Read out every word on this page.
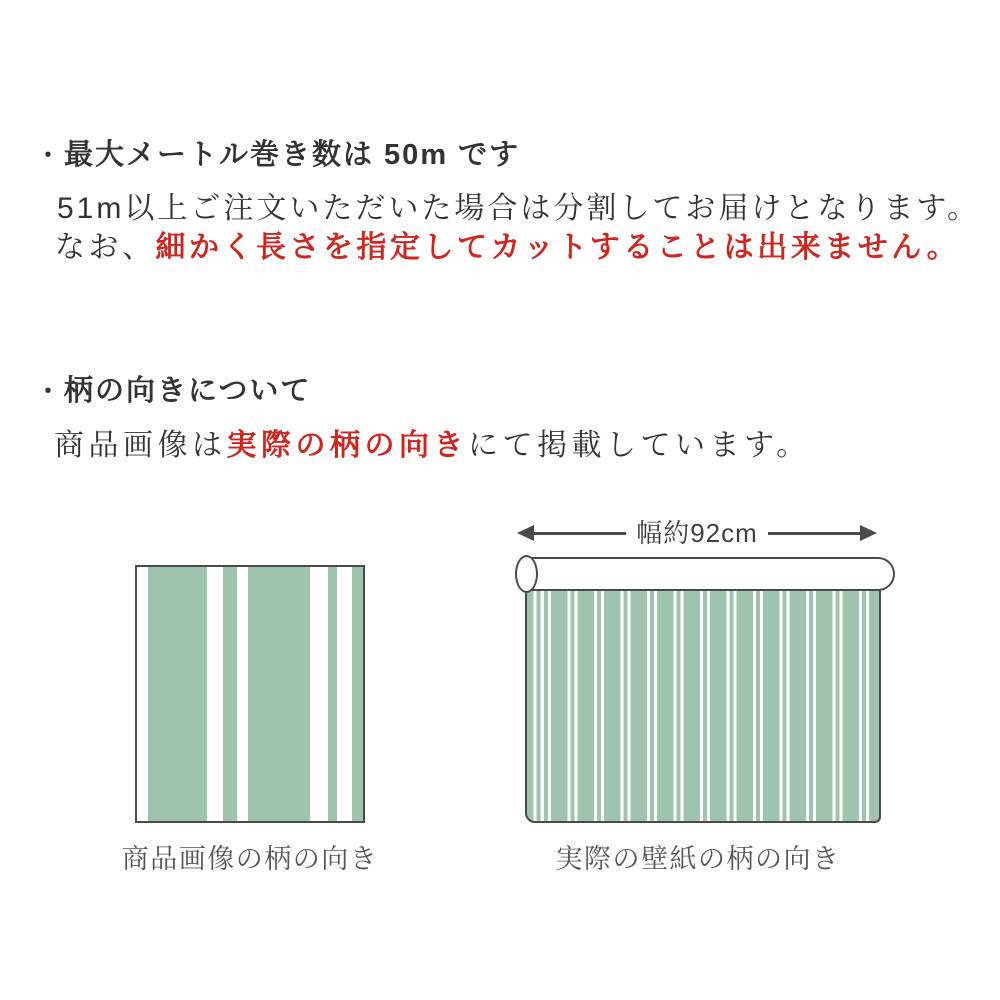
・ 最大メートル巻き数は 50m です
51m以上ご注文いただいた場合は分割してお届けとなります。
なお、細かく長さを指定してカットすることは出来ません。
・ 柄の向きについて
商品画像は実際の柄の向きにて掲載しています。
商品画像の柄の向き
幅約92cm
実際の壁紙の柄の向き
